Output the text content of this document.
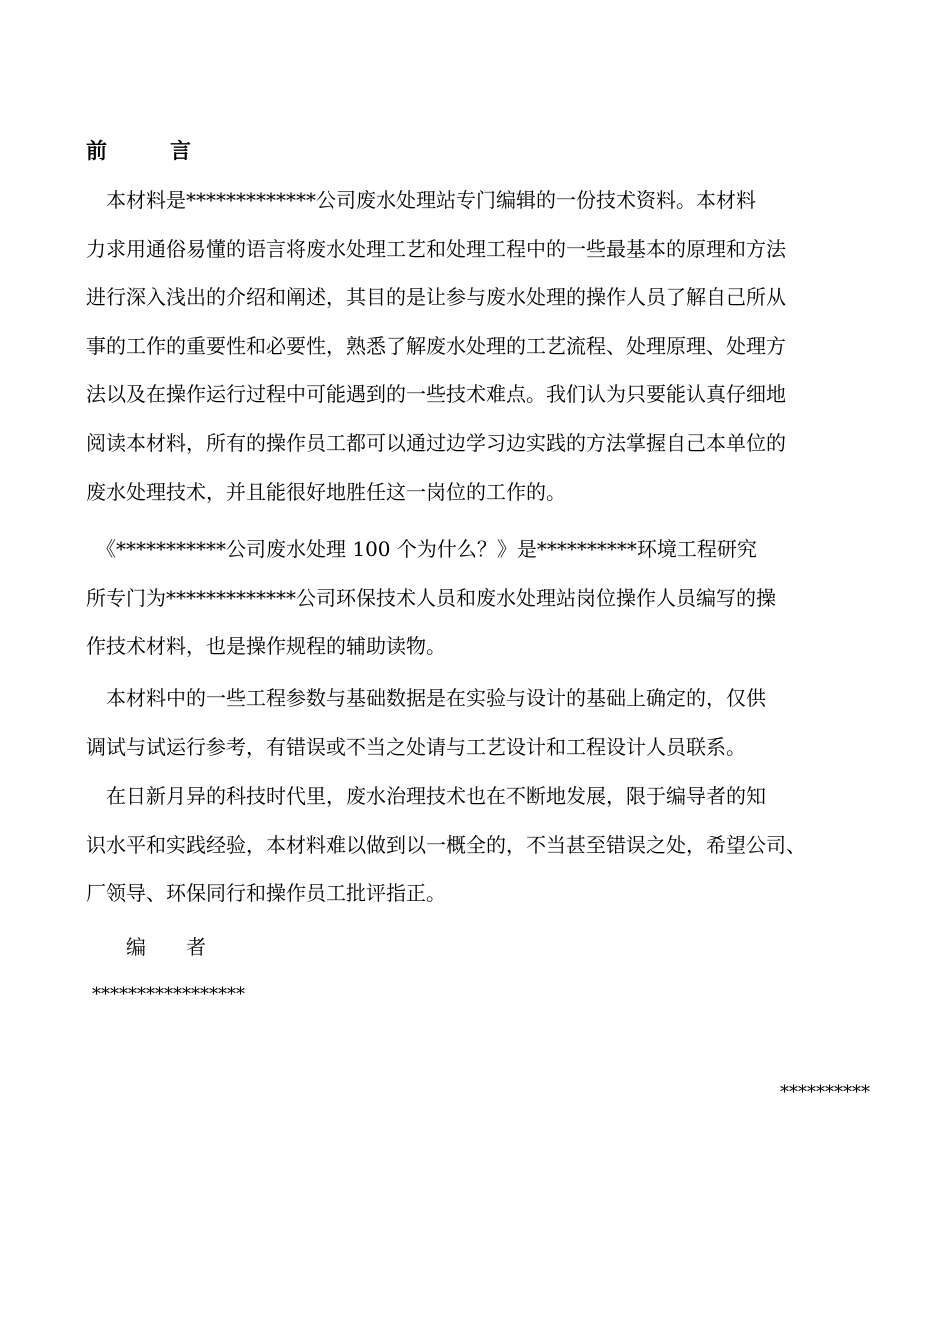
前　　　言
　本材料是*************公司废水处理站专门编辑的一份技术资料。本材料
力求用通俗易懂的语言将废水处理工艺和处理工程中的一些最基本的原理和方法
进行深入浅出的介绍和阐述，其目的是让参与废水处理的操作人员了解自己所从
事的工作的重要性和必要性，熟悉了解废水处理的工艺流程、处理原理、处理方
法以及在操作运行过程中可能遇到的一些技术难点。我们认为只要能认真仔细地
阅读本材料，所有的操作员工都可以通过边学习边实践的方法掌握自己本单位的
废水处理技术，并且能很好地胜任这一岗位的工作的。
　《***********公司废水处理 100 个为什么？》是**********环境工程研究
所专门为*************公司环保技术人员和废水处理站岗位操作人员编写的操
作技术材料，也是操作规程的辅助读物。
　本材料中的一些工程参数与基础数据是在实验与设计的基础上确定的，仅供
调试与试运行参考，有错误或不当之处请与工艺设计和工程设计人员联系。
　在日新月异的科技时代里，废水治理技术也在不断地发展，限于编导者的知
识水平和实践经验，本材料难以做到以一概全的，不当甚至错误之处，希望公司、
厂领导、环保同行和操作员工批评指正。
编　　者
*****************
**********
